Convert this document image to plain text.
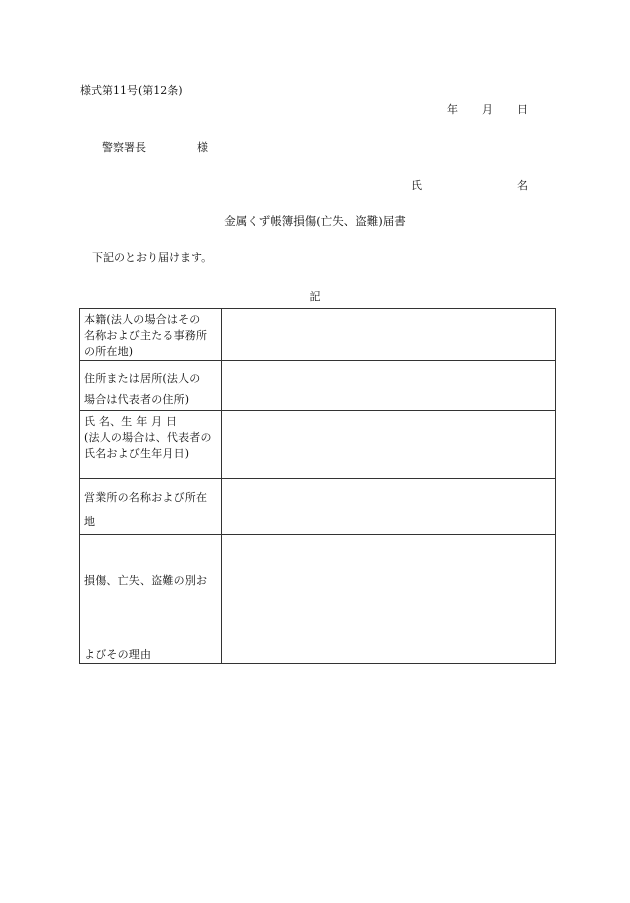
様式第11号(第12条)
年 月 日
警察署長	様
氏	名
金属くず帳簿損傷(亡失、盗難)届書
下記のとおり届けます。
記
本籍(法人の場合はその
名称および主たる事務所
の所在地)	

住所または居所(法人の
場合は代表者の住所)	

氏 名、生 年 月 日
(法人の場合は、代表者の
氏名および生年月日)	

営業所の名称および所在
地	

損傷、亡失、盗難の別お

よびその理由	
